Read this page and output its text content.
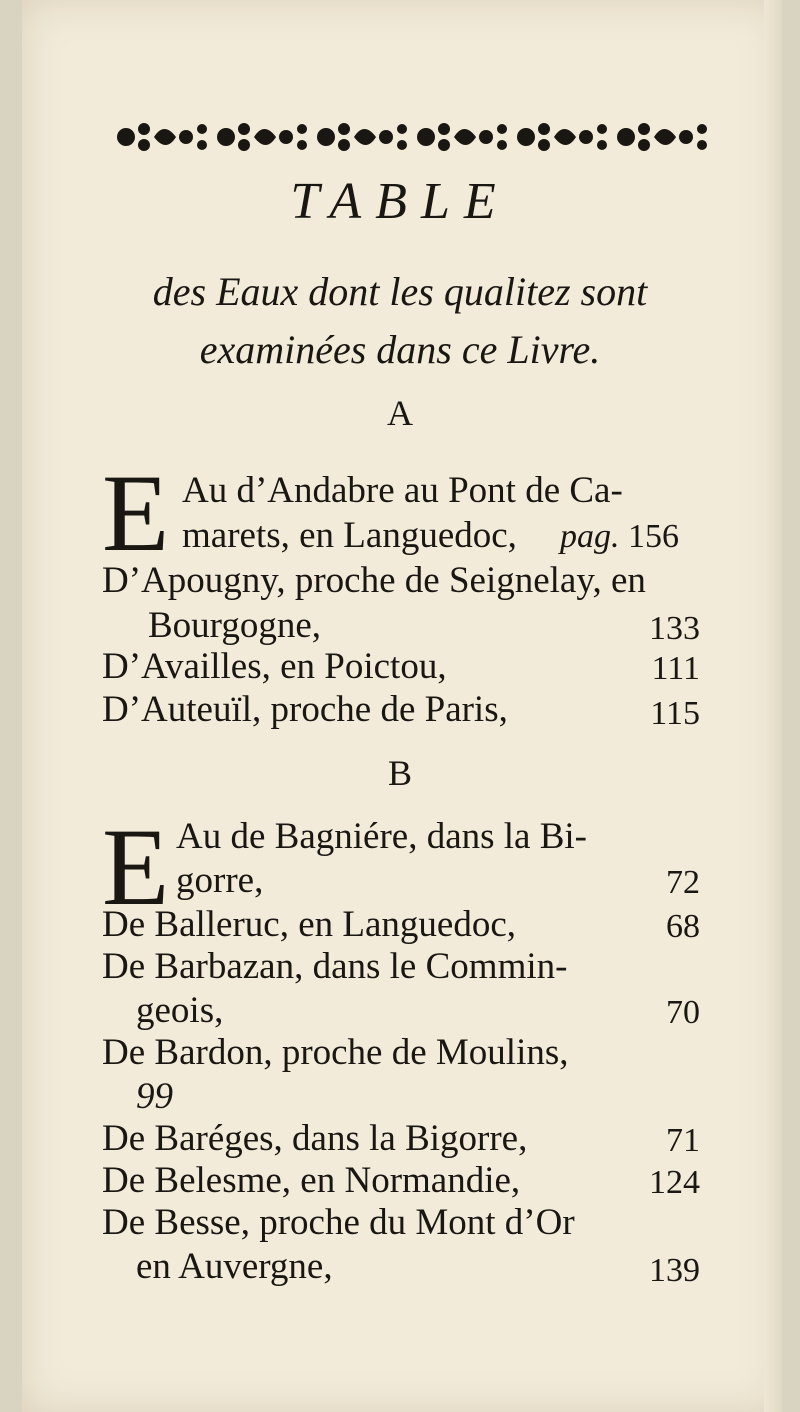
TABLE
des Eaux dont les qualitez sont
examinées dans ce Livre.
A
E Au d’Andabre au Pont de Ca-
marets, en Languedoc, pag. 156
D’Apougny, proche de Seignelay, en
Bourgogne,	133
D’Availles, en Poictou,	111
D’Auteuïl, proche de Paris,	115
B
E Au de Bagniére, dans la Bi-
gorre,	72
De Balleruc, en Languedoc,	68
De Barbazan, dans le Commin-
geois,	70
De Bardon, proche de Moulins,
99
De Baréges, dans la Bigorre,	71
De Belesme, en Normandie,	124
De Besse, proche du Mont d’Or
en Auvergne,	139
